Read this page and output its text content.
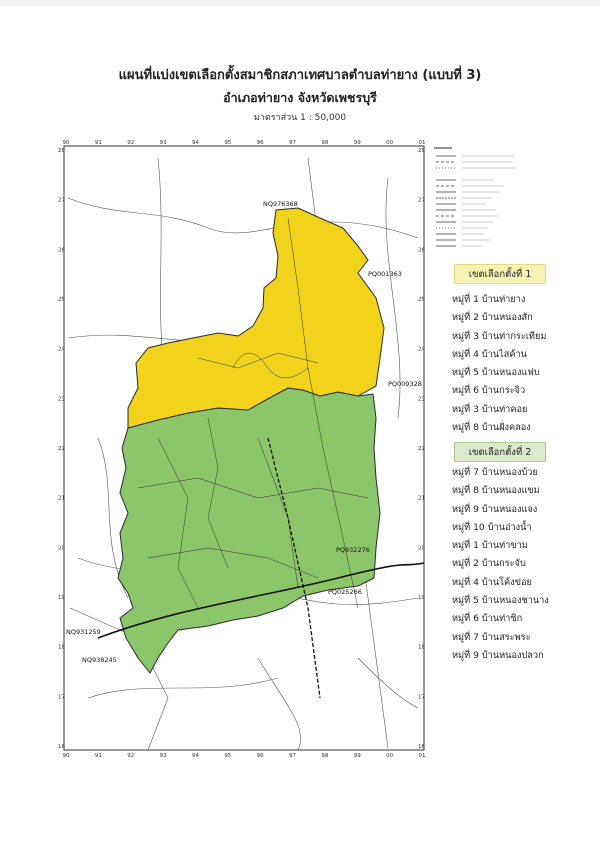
แผนที่แบ่งเขตเลือกตั้งสมาชิกสภาเทศบาลตำบลท่ายาง (แบบที่ 3)
อำเภอท่ายาง จังหวัดเพชรบุรี
มาตราส่วน 1 : 50,000
90	91	92	93	94	95	96	97	98	99	00	01
90	91	92	93	94	95	96	97	98	99	00	01
28
27
26
25
24
23
22
21
20
19
18
17
16
28
27
26
25
24
23
22
21
20
19
18
17
16
NQ976368
PQ001363
PQ009328
PQ932276
PQ025266
NQ931259
NQ938245
เขตเลือกตั้งที่ 1
หมู่ที่ 1 บ้านท่ายาง
หมู่ที่ 2 บ้านหนองสัก
หมู่ที่ 3 บ้านท่ากระเทียม
หมู่ที่ 4 บ้านไสค้าน
หมู่ที่ 5 บ้านหนองแฟบ
หมู่ที่ 6 บ้านกระจิว
หมู่ที่ 3 บ้านท่าคอย
หมู่ที่ 8 บ้านฝั่งคลอง
เขตเลือกตั้งที่ 2
หมู่ที่ 7 บ้านหนองบ้วย
หมู่ที่ 8 บ้านหนองแขม
หมู่ที่ 9 บ้านหนองแจง
หมู่ที่ 10 บ้านอ่างน้ำ
หมู่ที่ 1 บ้านท่าขาม
หมู่ที่ 2 บ้านกระจับ
หมู่ที่ 4 บ้านโค้งข่อย
หมู่ที่ 5 บ้านหนองชานาง
หมู่ที่ 6 บ้านท่าซิก
หมู่ที่ 7 บ้านสระพระ
หมู่ที่ 9 บ้านหนองปลวก
